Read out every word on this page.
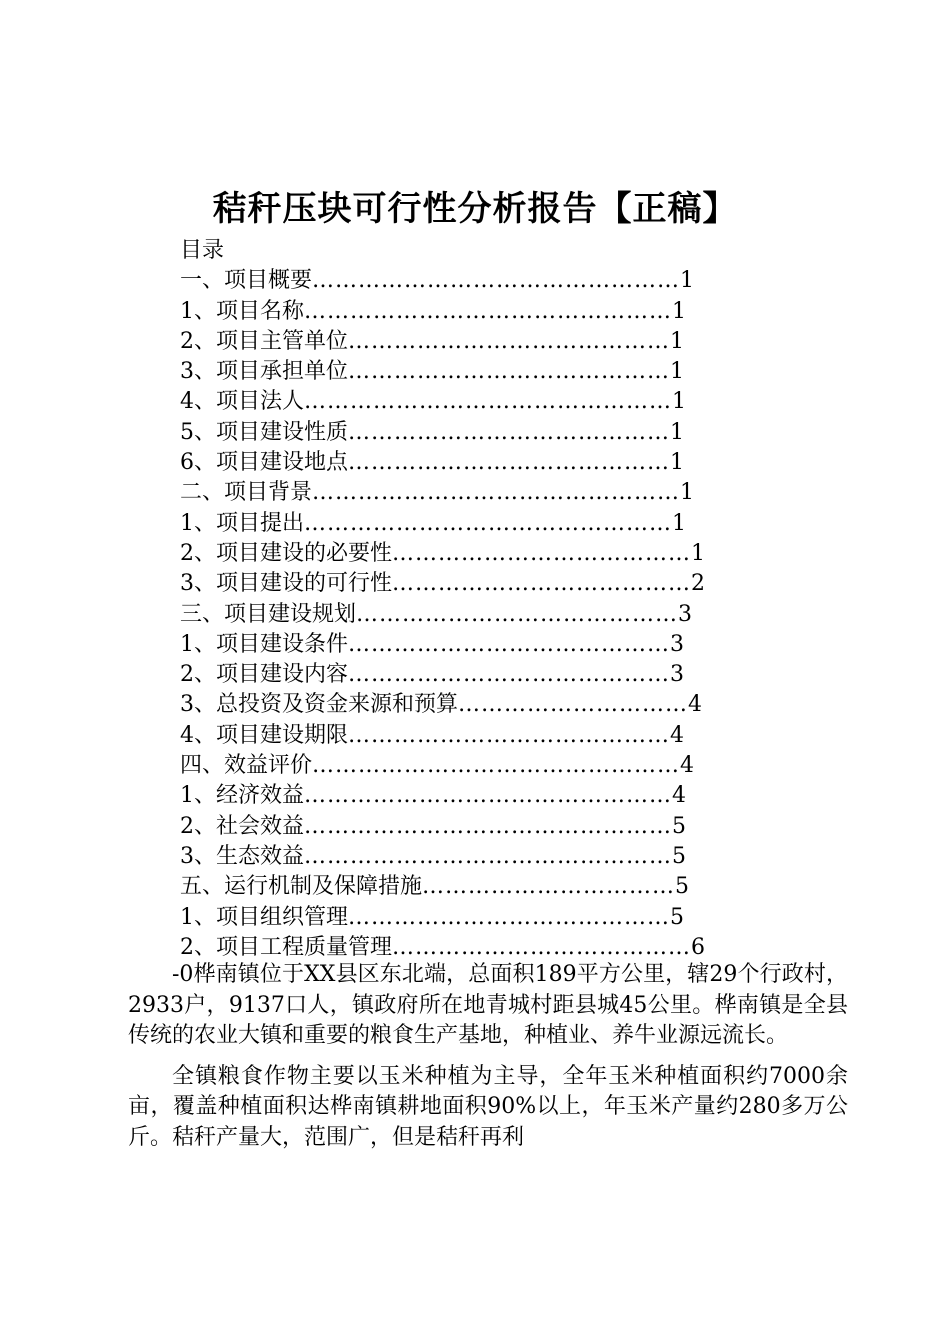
秸秆压块可行性分析报告【正稿】
目录
一、项目概要 ………………………………………… 1
1、项目名称 ………………………………………… 1
2、项目主管单位 …………………………………… 1
3、项目承担单位 …………………………………… 1
4、项目法人 ………………………………………… 1
5、项目建设性质 …………………………………… 1
6、项目建设地点 …………………………………… 1
二、项目背景 ………………………………………… 1
1、项目提出 ………………………………………… 1
2、项目建设的必要性 ………………………………… 1
3、项目建设的可行性 ………………………………… 2
三、项目建设规划 …………………………………… 3
1、项目建设条件 …………………………………… 3
2、项目建设内容 …………………………………… 3
3、总投资及资金来源和预算 ………………………… 4
4、项目建设期限 …………………………………… 4
四、效益评价 ………………………………………… 4
1、经济效益 ………………………………………… 4
2、社会效益 ………………………………………… 5
3、生态效益 ………………………………………… 5
五、运行机制及保障措施 …………………………… 5
1、项目组织管理 …………………………………… 5
2、项目工程质量管理 ………………………………… 6

-0桦南镇位于XX县区东北端，总面积189平方公里，辖29个行政村，2933户，9137口人，镇政府所在地青城村距县城45公里。桦南镇是全县传统的农业大镇和重要的粮食生产基地，种植业、养牛业源远流长。

全镇粮食作物主要以玉米种植为主导，全年玉米种植面积约7000余亩，覆盖种植面积达桦南镇耕地面积90%以上，年玉米产量约280多万公斤。秸秆产量大，范围广，但是秸秆再利
